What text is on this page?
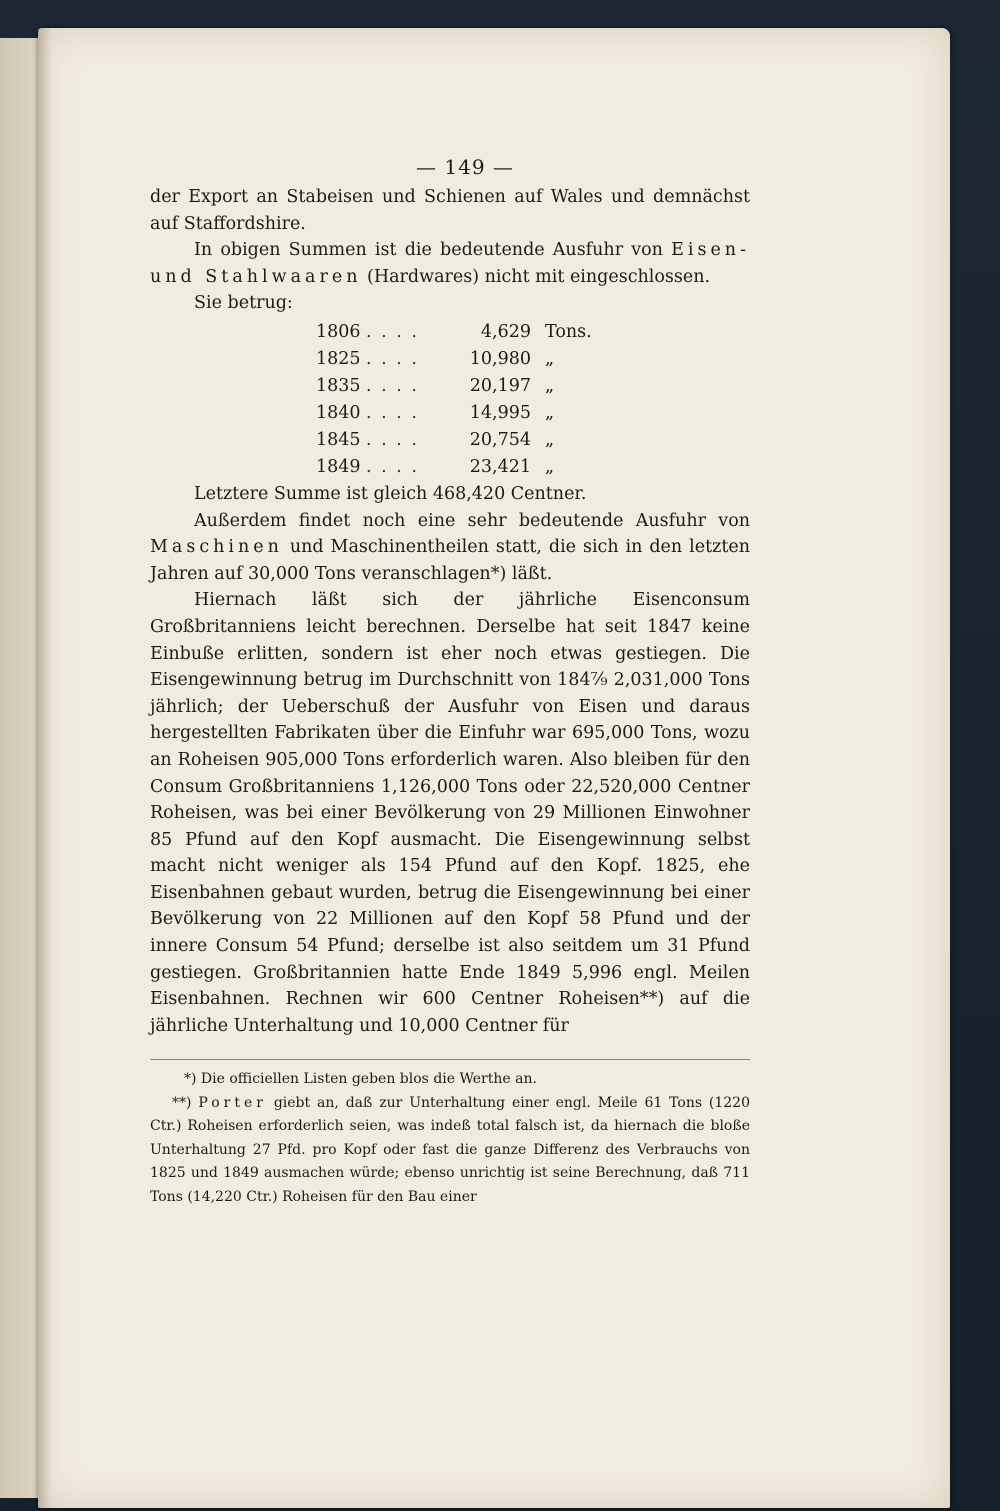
— 149 —

der Export an Stabeisen und Schienen auf Wales und demnächst auf Staffordshire.

In obigen Summen ist die bedeutende Ausfuhr von Eisen- und Stahlwaaren (Hardwares) nicht mit eingeschlossen.

Sie betrug:

1806 . . . .	4,629 Tons.
1825 . . . .	10,980 „
1835 . . . .	20,197 „
1840 . . . .	14,995 „
1845 . . . .	20,754 „
1849 . . . .	23,421 „

Letztere Summe ist gleich 468,420 Centner.

Außerdem findet noch eine sehr bedeutende Ausfuhr von Maschinen und Maschinentheilen statt, die sich in den letzten Jahren auf 30,000 Tons veranschlagen*) läßt.

Hiernach läßt sich der jährliche Eisenconsum Großbritanniens leicht berechnen. Derselbe hat seit 1847 keine Einbuße erlitten, sondern ist eher noch etwas gestiegen. Die Eisengewinnung betrug im Durchschnitt von 184⁷⁄₉ 2,031,000 Tons jährlich; der Ueberschuß der Ausfuhr von Eisen und daraus hergestellten Fabrikaten über die Einfuhr war 695,000 Tons, wozu an Roheisen 905,000 Tons erforderlich waren. Also bleiben für den Consum Großbritanniens 1,126,000 Tons oder 22,520,000 Centner Roheisen, was bei einer Bevölkerung von 29 Millionen Einwohner 85 Pfund auf den Kopf ausmacht. Die Eisengewinnung selbst macht nicht weniger als 154 Pfund auf den Kopf. 1825, ehe Eisenbahnen gebaut wurden, betrug die Eisengewinnung bei einer Bevölkerung von 22 Millionen auf den Kopf 58 Pfund und der innere Consum 54 Pfund; derselbe ist also seitdem um 31 Pfund gestiegen. Großbritannien hatte Ende 1849 5,996 engl. Meilen Eisenbahnen. Rechnen wir 600 Centner Roheisen**) auf die jährliche Unterhaltung und 10,000 Centner für

*) Die officiellen Listen geben blos die Werthe an.

**) Porter giebt an, daß zur Unterhaltung einer engl. Meile 61 Tons (1220 Ctr.) Roheisen erforderlich seien, was indeß total falsch ist, da hiernach die bloße Unterhaltung 27 Pfd. pro Kopf oder fast die ganze Differenz des Verbrauchs von 1825 und 1849 ausmachen würde; ebenso unrichtig ist seine Berechnung, daß 711 Tons (14,220 Ctr.) Roheisen für den Bau einer
